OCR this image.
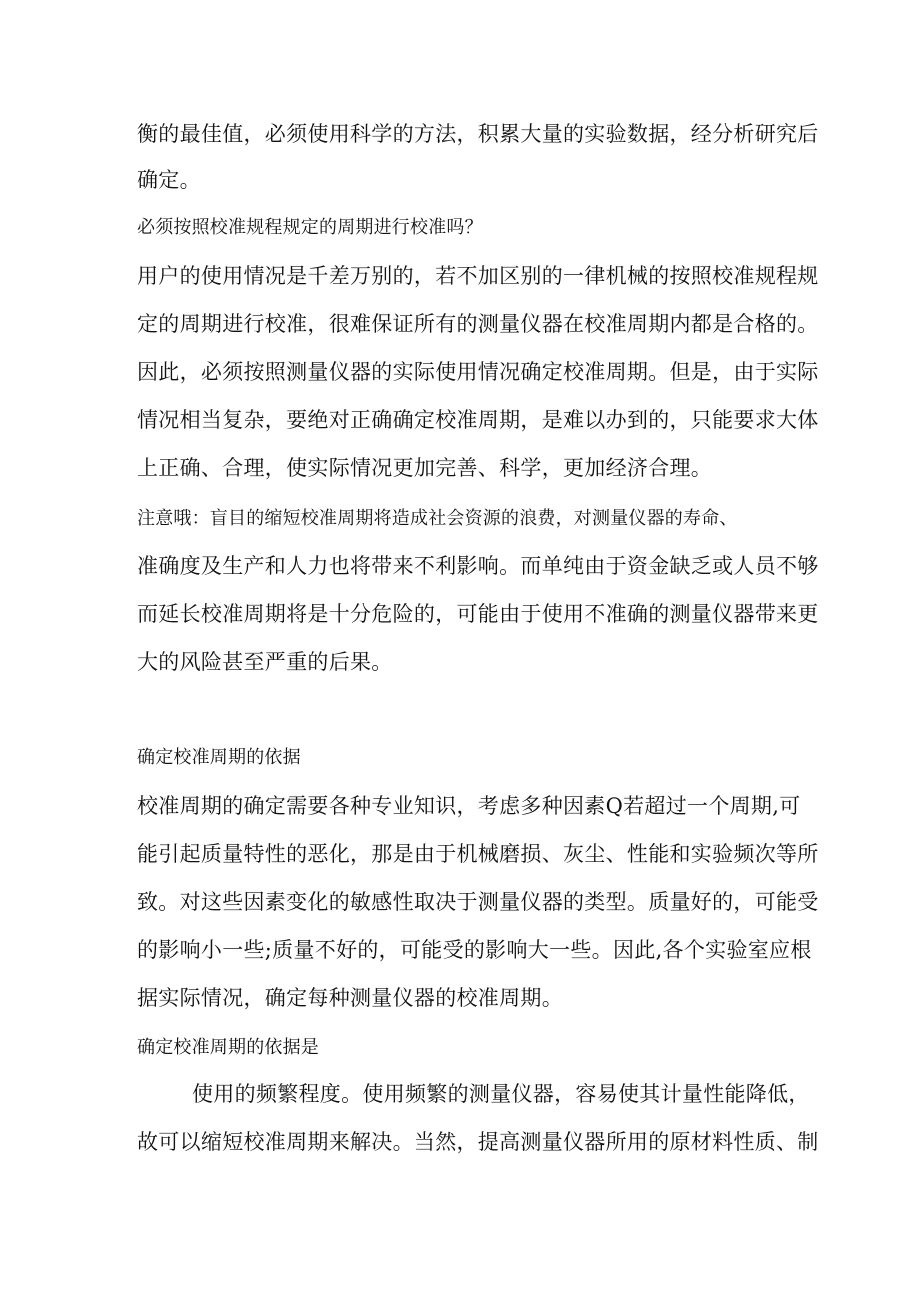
衡的最佳值，必须使用科学的方法，积累大量的实验数据，经分析研究后
确定。
必须按照校准规程规定的周期进行校准吗？
用户的使用情况是千差万别的，若不加区别的一律机械的按照校准规程规
定的周期进行校准，很难保证所有的测量仪器在校准周期内都是合格的。
因此，必须按照测量仪器的实际使用情况确定校准周期。但是，由于实际
情况相当复杂，要绝对正确确定校准周期，是难以办到的，只能要求大体
上正确、合理，使实际情况更加完善、科学，更加经济合理。
注意哦：盲目的缩短校准周期将造成社会资源的浪费，对测量仪器的寿命、
准确度及生产和人力也将带来不利影响。而单纯由于资金缺乏或人员不够
而延长校准周期将是十分危险的，可能由于使用不准确的测量仪器带来更
大的风险甚至严重的后果。
确定校准周期的依据
校准周期的确定需要各种专业知识，考虑多种因素Q若超过一个周期,可
能引起质量特性的恶化，那是由于机械磨损、灰尘、性能和实验频次等所
致。对这些因素变化的敏感性取决于测量仪器的类型。质量好的，可能受
的影响小一些;质量不好的，可能受的影响大一些。因此,各个实验室应根
据实际情况，确定每种测量仪器的校准周期。
确定校准周期的依据是
使用的频繁程度。使用频繁的测量仪器，容易使其计量性能降低，
故可以缩短校准周期来解决。当然，提高测量仪器所用的原材料性质、制
